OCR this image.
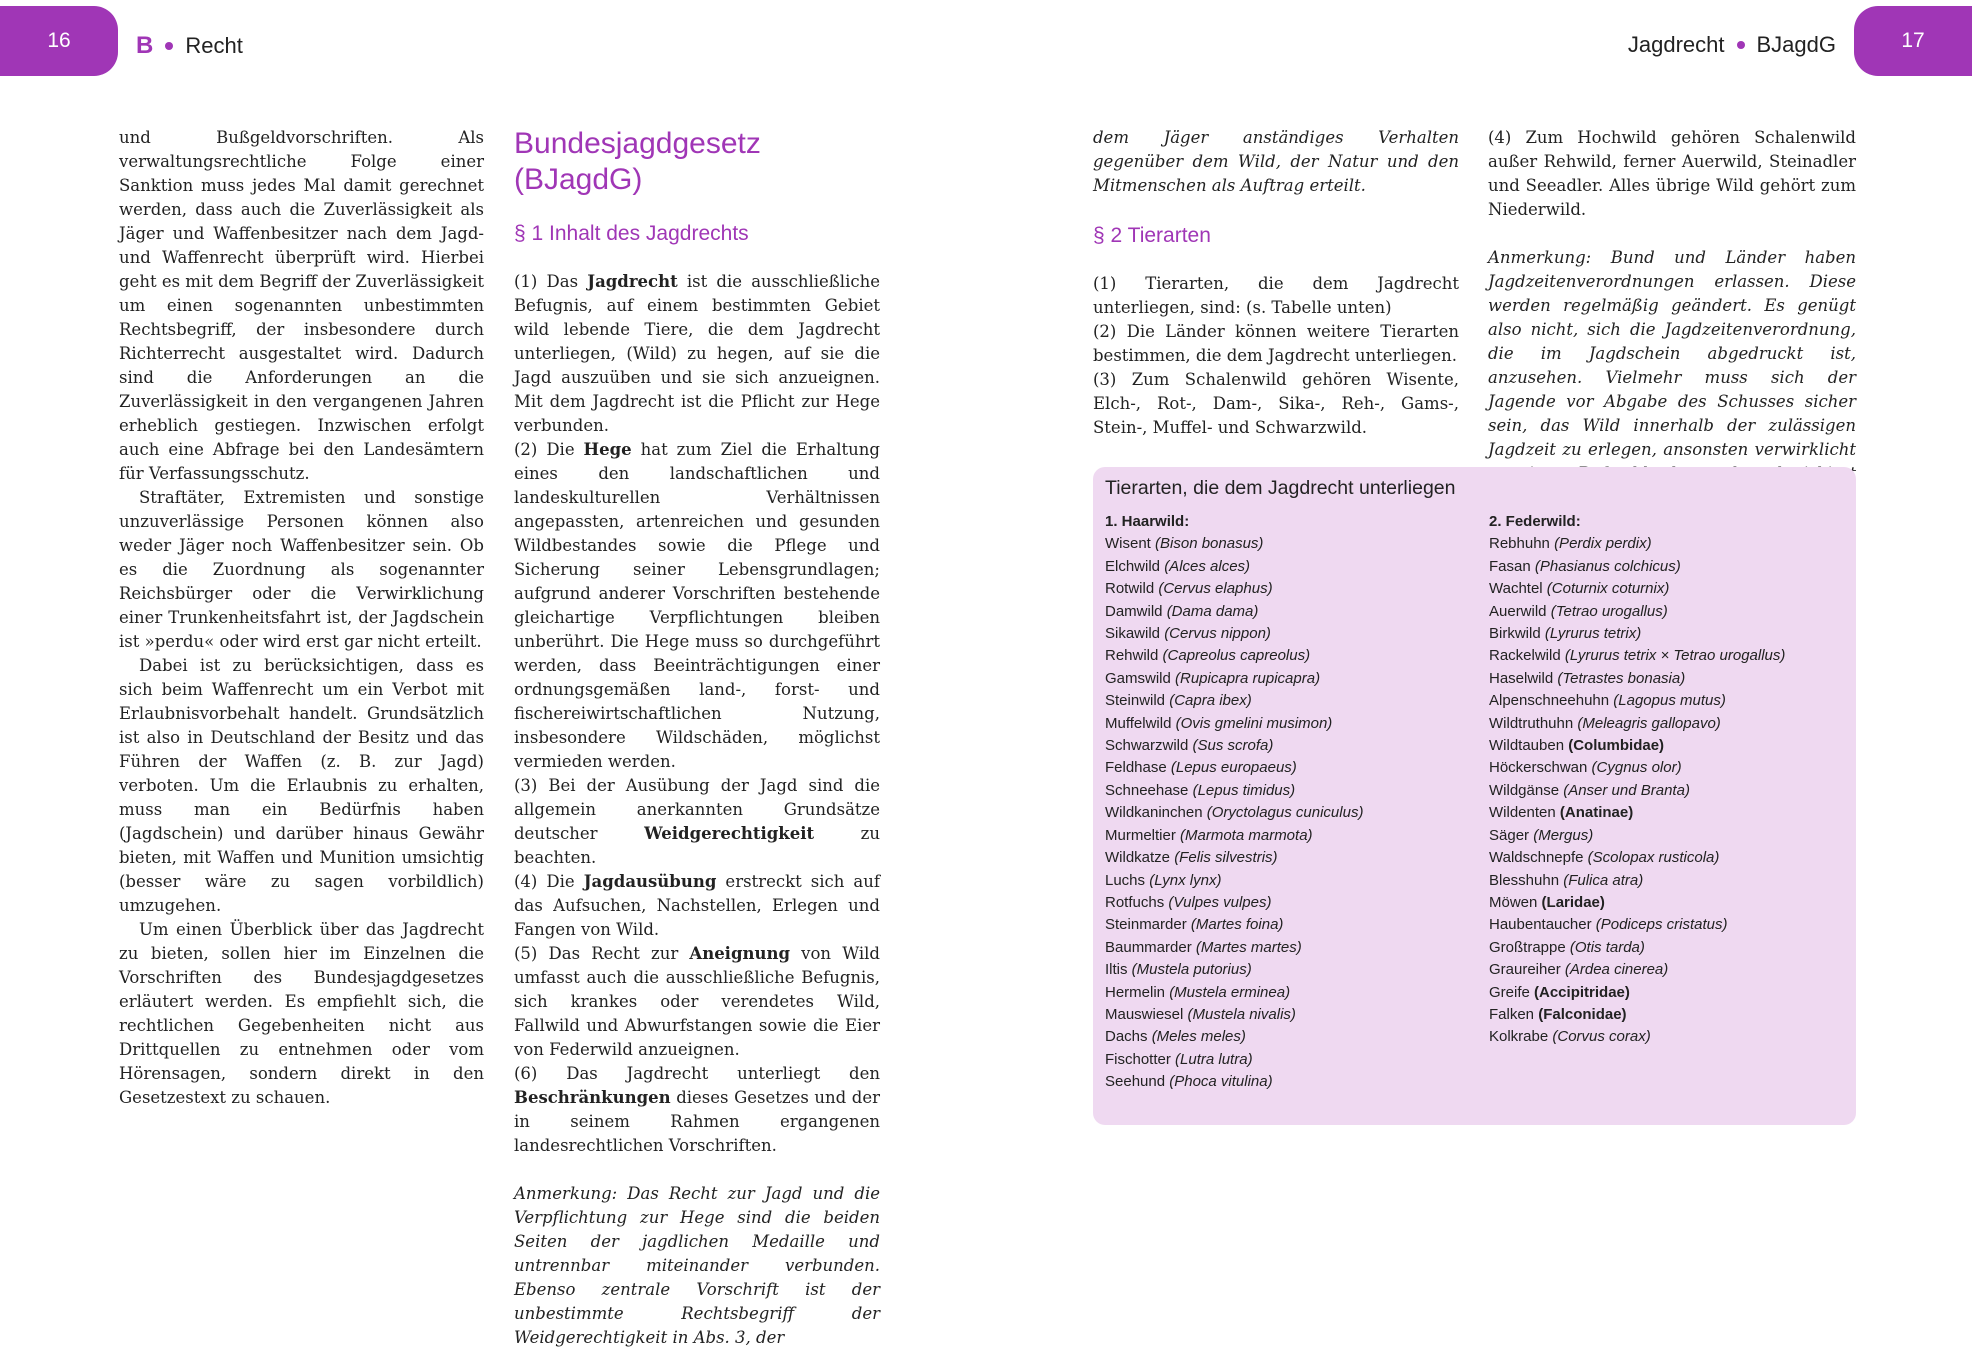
16	B Recht	Jagdrecht BJagdG	17

und Bußgeldvorschriften. Als verwaltungsrechtliche Folge einer Sanktion muss jedes Mal damit gerechnet werden, dass auch die Zuverlässigkeit als Jäger und Waffenbesitzer nach dem Jagd- und Waffenrecht überprüft wird. Hierbei geht es mit dem Begriff der Zuverlässigkeit um einen sogenannten unbestimmten Rechtsbegriff, der insbesondere durch Richterrecht ausgestaltet wird. Dadurch sind die Anforderungen an die Zuverlässigkeit in den vergangenen Jahren erheblich gestiegen. Inzwischen erfolgt auch eine Abfrage bei den Landesämtern für Verfassungsschutz.

Straftäter, Extremisten und sonstige unzuverlässige Personen können also weder Jäger noch Waffenbesitzer sein. Ob es die Zuordnung als sogenannter Reichsbürger oder die Verwirklichung einer Trunkenheitsfahrt ist, der Jagdschein ist »perdu« oder wird erst gar nicht erteilt.

Dabei ist zu berücksichtigen, dass es sich beim Waffenrecht um ein Verbot mit Erlaubnisvorbehalt handelt. Grundsätzlich ist also in Deutschland der Besitz und das Führen der Waffen (z. B. zur Jagd) verboten. Um die Erlaubnis zu erhalten, muss man ein Bedürfnis haben (Jagdschein) und darüber hinaus Gewähr bieten, mit Waffen und Munition umsichtig (besser wäre zu sagen vorbildlich) umzugehen.

Um einen Überblick über das Jagdrecht zu bieten, sollen hier im Einzelnen die Vorschriften des Bundesjagdgesetzes erläutert werden. Es empfiehlt sich, die rechtlichen Gegebenheiten nicht aus Drittquellen zu entnehmen oder vom Hörensagen, sondern direkt in den Gesetzestext zu schauen.

Bundesjagdgesetz (BJagdG)
§ 1 Inhalt des Jagdrechts

(1) Das Jagdrecht ist die ausschließliche Befugnis, auf einem bestimmten Gebiet wild lebende Tiere, die dem Jagdrecht unterliegen, (Wild) zu hegen, auf sie die Jagd auszuüben und sie sich anzueignen. Mit dem Jagdrecht ist die Pflicht zur Hege verbunden.

(2) Die Hege hat zum Ziel die Erhaltung eines den landschaftlichen und landeskulturellen Verhältnissen angepassten, artenreichen und gesunden Wildbestandes sowie die Pflege und Sicherung seiner Lebensgrundlagen; aufgrund anderer Vorschriften bestehende gleichartige Verpflichtungen bleiben unberührt. Die Hege muss so durchgeführt werden, dass Beeinträchtigungen einer ordnungsgemäßen land-, forst- und fischereiwirtschaftlichen Nutzung, insbesondere Wildschäden, möglichst vermieden werden.

(3) Bei der Ausübung der Jagd sind die allgemein anerkannten Grundsätze deutscher Weidgerechtigkeit zu beachten.

(4) Die Jagdausübung erstreckt sich auf das Aufsuchen, Nachstellen, Erlegen und Fangen von Wild.

(5) Das Recht zur Aneignung von Wild umfasst auch die ausschließliche Befugnis, sich krankes oder verendetes Wild, Fallwild und Abwurfstangen sowie die Eier von Federwild anzueignen.

(6) Das Jagdrecht unterliegt den Beschränkungen dieses Gesetzes und der in seinem Rahmen ergangenen landesrechtlichen Vorschriften.

Anmerkung: Das Recht zur Jagd und die Verpflichtung zur Hege sind die beiden Seiten der jagdlichen Medaille und untrennbar miteinander verbunden. Ebenso zentrale Vorschrift ist der unbestimmte Rechtsbegriff der Weidgerechtigkeit in Abs. 3, der

dem Jäger anständiges Verhalten gegenüber dem Wild, der Natur und den Mitmenschen als Auftrag erteilt.

§ 2 Tierarten

(1) Tierarten, die dem Jagdrecht unterliegen, sind: (s. Tabelle unten)

(2) Die Länder können weitere Tierarten bestimmen, die dem Jagdrecht unterliegen.

(3) Zum Schalenwild gehören Wisente, Elch-, Rot-, Dam-, Sika-, Reh-, Gams-, Stein-, Muffel- und Schwarzwild.

(4) Zum Hochwild gehören Schalenwild außer Rehwild, ferner Auerwild, Steinadler und Seeadler. Alles übrige Wild gehört zum Niederwild.

Anmerkung: Bund und Länder haben Jagdzeitenverordnungen erlassen. Diese werden regelmäßig geändert. Es genügt also nicht, sich die Jagdzeitenverordnung, die im Jagdschein abgedruckt ist, anzusehen. Vielmehr muss sich der Jagende vor Abgabe des Schusses sicher sein, das Wild innerhalb der zulässigen Jagdzeit zu erlegen, ansonsten verwirklicht

Tierarten, die dem Jagdrecht unterliegen
1. Haarwild:
Wisent (Bison bonasus)
Elchwild (Alces alces)
Rotwild (Cervus elaphus)
Damwild (Dama dama)
Sikawild (Cervus nippon)
Rehwild (Capreolus capreolus)
Gamswild (Rupicapra rupicapra)
Steinwild (Capra ibex)
Muffelwild (Ovis gmelini musimon)
Schwarzwild (Sus scrofa)
Feldhase (Lepus europaeus)
Schneehase (Lepus timidus)
Wildkaninchen (Oryctolagus cuniculus)
Murmeltier (Marmota marmota)
Wildkatze (Felis silvestris)
Luchs (Lynx lynx)
Rotfuchs (Vulpes vulpes)
Steinmarder (Martes foina)
Baummarder (Martes martes)
Iltis (Mustela putorius)
Hermelin (Mustela erminea)
Mauswiesel (Mustela nivalis)
Dachs (Meles meles)
Fischotter (Lutra lutra)
Seehund (Phoca vitulina)
2. Federwild:
Rebhuhn (Perdix perdix)
Fasan (Phasianus colchicus)
Wachtel (Coturnix coturnix)
Auerwild (Tetrao urogallus)
Birkwild (Lyrurus tetrix)
Rackelwild (Lyrurus tetrix × Tetrao urogallus)
Haselwild (Tetrastes bonasia)
Alpenschneehuhn (Lagopus mutus)
Wildtruthuhn (Meleagris gallopavo)
Wildtauben (Columbidae)
Höckerschwan (Cygnus olor)
Wildgänse (Anser und Branta)
Wildenten (Anatinae)
Säger (Mergus)
Waldschnepfe (Scolopax rusticola)
Blesshuhn (Fulica atra)
Möwen (Laridae)
Haubentaucher (Podiceps cristatus)
Großtrappe (Otis tarda)
Graureiher (Ardea cinerea)
Greife (Accipitridae)
Falken (Falconidae)
Kolkrabe (Corvus corax)
